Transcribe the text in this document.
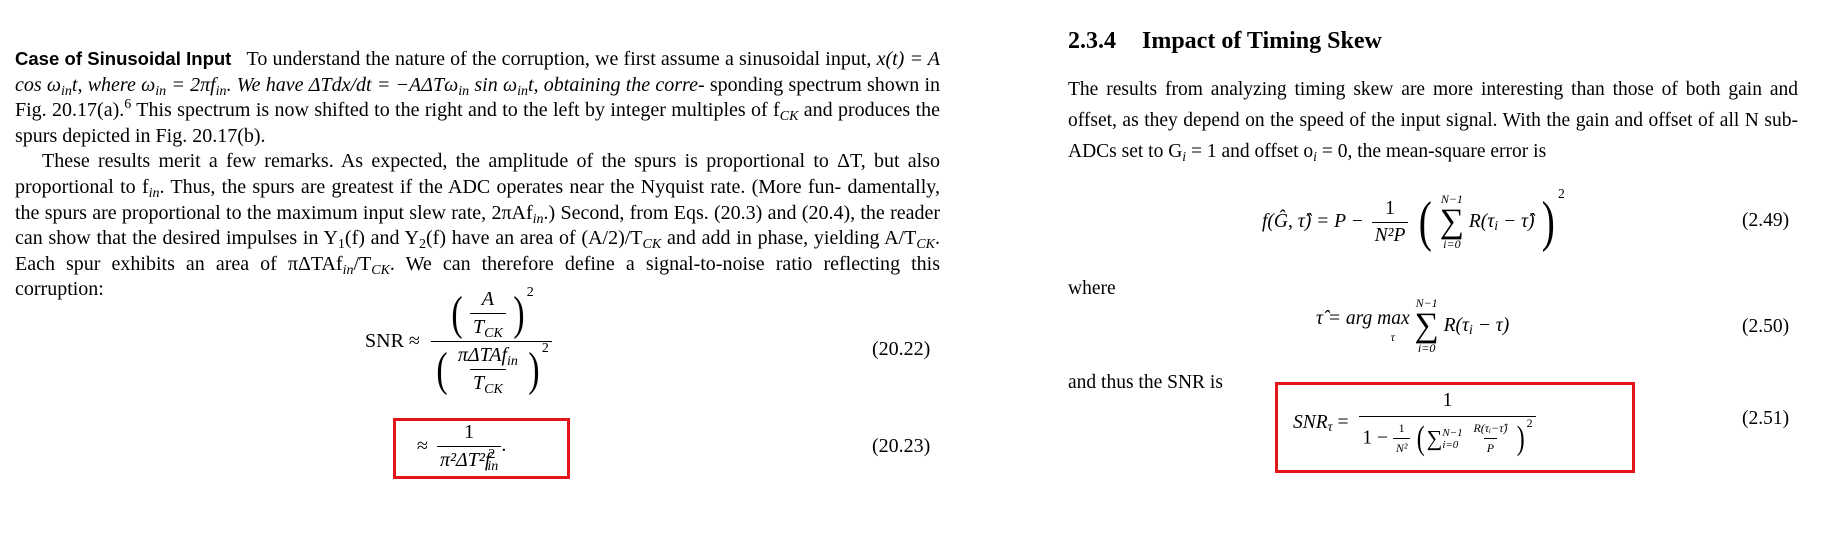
Case of Sinusoidal Input To understand the nature of the corruption, we first assume a sinusoidal input, x(t) = A $\cos \omega_{in}t$, where $\omega_{in} = 2\pi f_{in}$. We have ΔTdx/dt = −AΔTω$_{in}$ $\sin \omega_{in}t$, obtaining the corre- sponding spectrum shown in Fig. 20.17(a).$^6$ This spectrum is now shifted to the right and to the left by integer multiples of $f_{CK}$ and produces the spurs depicted in Fig. 20.17(b).

These results merit a few remarks. As expected, the amplitude of the spurs is proportional to ΔT, but also proportional to $f_{in}$. Thus, the spurs are greatest if the ADC operates near the Nyquist rate. (More fun- damentally, the spurs are proportional to the maximum input slew rate, 2πAf$_{in}$.) Second, from Eqs. (20.3) and (20.4), the reader can show that the desired impulses in $Y_1(f)$ and $Y_2(f)$ have an area of $(A/2)/T_{CK}$ and add in phase, yielding $A/T_{CK}$. Each spur exhibits an area of $\pi\Delta TAf_{in}/T_{CK}$. We can therefore define a signal-to-noise ratio reflecting this corruption:

SNR ≈
( $\frac{A}{T_{CK}}$ ) $^2$
( $\frac{\pi\Delta TAf_{in}}{T_{CK}}$ ) $^2$	(20.22)
≈ $\frac{1}{\pi^2\Delta T^2f^2_{in}}$ .	(20.23)
2.3.4 Impact of Timing Skew
The results from analyzing timing skew are more interesting than those of both gain and offset, as they depend on the speed of the input signal. With the gain and offset of all N sub-ADCs set to $G_i = 1$ and offset $o_i = 0$, the mean-square error is
f(Ĝ, τ̂) = $P - \frac{1}{\text{N²P}}$ ( N−1
∑
i=0
$R(\tau_i$ − τ̂) ) $^2$
(2.49)
where
τ̂ = arg max
τ

N−1
∑
i=0
$R(\tau_i - \tau)$	(2.50)
and thus the SNR is
$SNR_\tau$ =
1
$1 - \frac{1}{\text{N²}}$ (∑ N−1
i=0
	$\frac{\text{R(τᵢ−τ̂)}}{P}$ ) $^2$	(2.51)
